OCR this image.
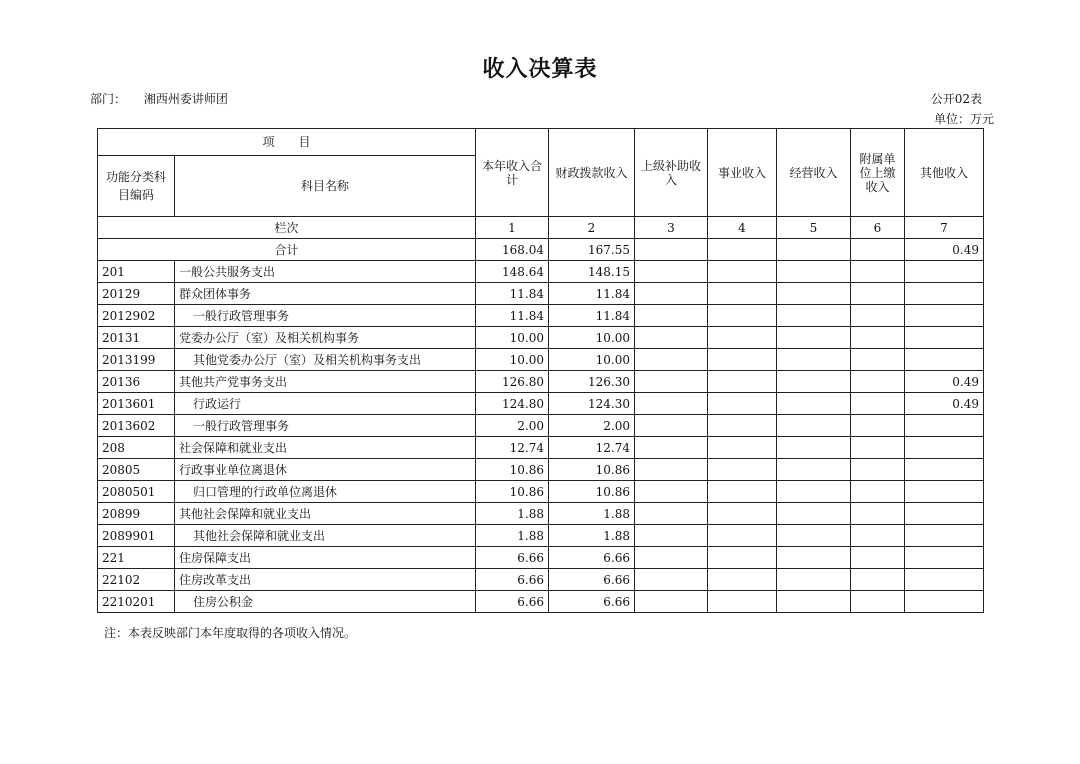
收入决算表
部门： 湘西州委讲师团	公开02表
单位：万元
项　　目		本年收入合计	财政拨款收入	上级补助收入	事业收入	经营收入	附属单位上缴收入	其他收入
功能分类科目编码	科目名称							
栏次		1	2	3	4	5	6	7
合计		168.04	167.55					0.49
201	一般公共服务支出	148.64	148.15					
20129	群众团体事务	11.84	11.84					
2012902	一般行政管理事务	11.84	11.84					
20131	党委办公厅（室）及相关机构事务	10.00	10.00					
2013199	其他党委办公厅（室）及相关机构事务支出	10.00	10.00					
20136	其他共产党事务支出	126.80	126.30					0.49
2013601	行政运行	124.80	124.30					0.49
2013602	一般行政管理事务	2.00	2.00					
208	社会保障和就业支出	12.74	12.74					
20805	行政事业单位离退休	10.86	10.86					
2080501	归口管理的行政单位离退休	10.86	10.86					
20899	其他社会保障和就业支出	1.88	1.88					
2089901	其他社会保障和就业支出	1.88	1.88					
221	住房保障支出	6.66	6.66					
22102	住房改革支出	6.66	6.66					
2210201	住房公积金	6.66	6.66					
注：本表反映部门本年度取得的各项收入情况。
